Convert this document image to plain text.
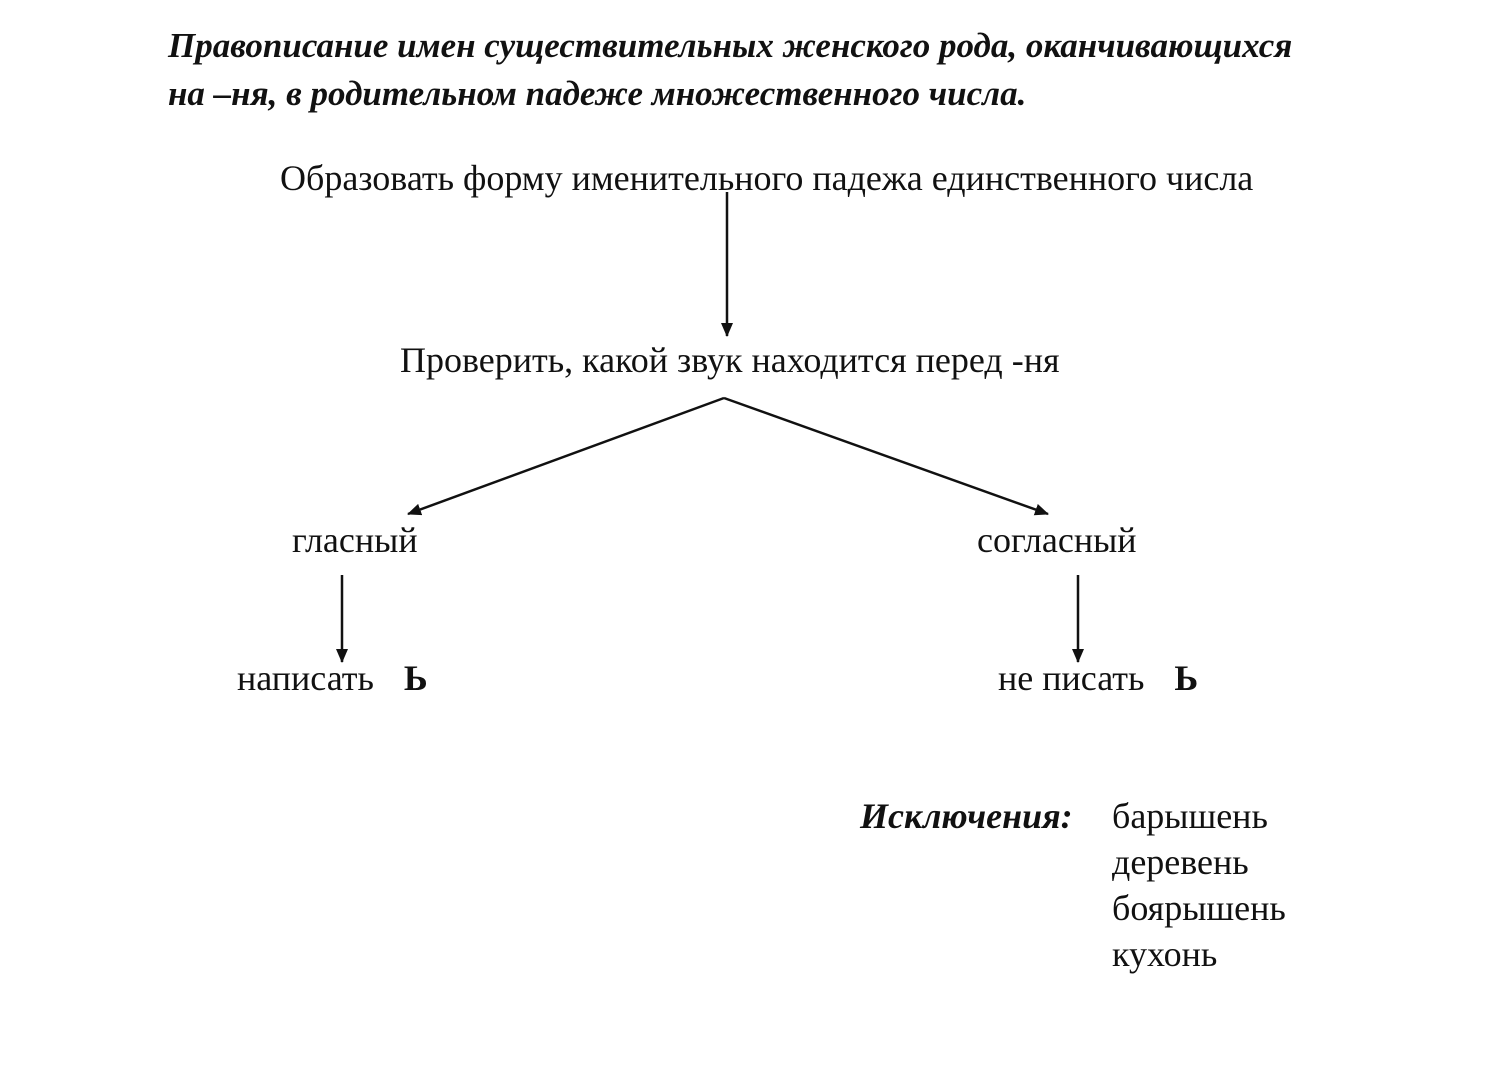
Правописание имен существительных женского рода, оканчивающихся
на –ня, в родительном падеже множественного числа.
Образовать форму именительного падежа единственного числа
Проверить, какой звук находится перед -ня
гласный	согласный
написать Ь	не писать Ь
Исключения:	барышень
деревень
боярышень
кухонь
